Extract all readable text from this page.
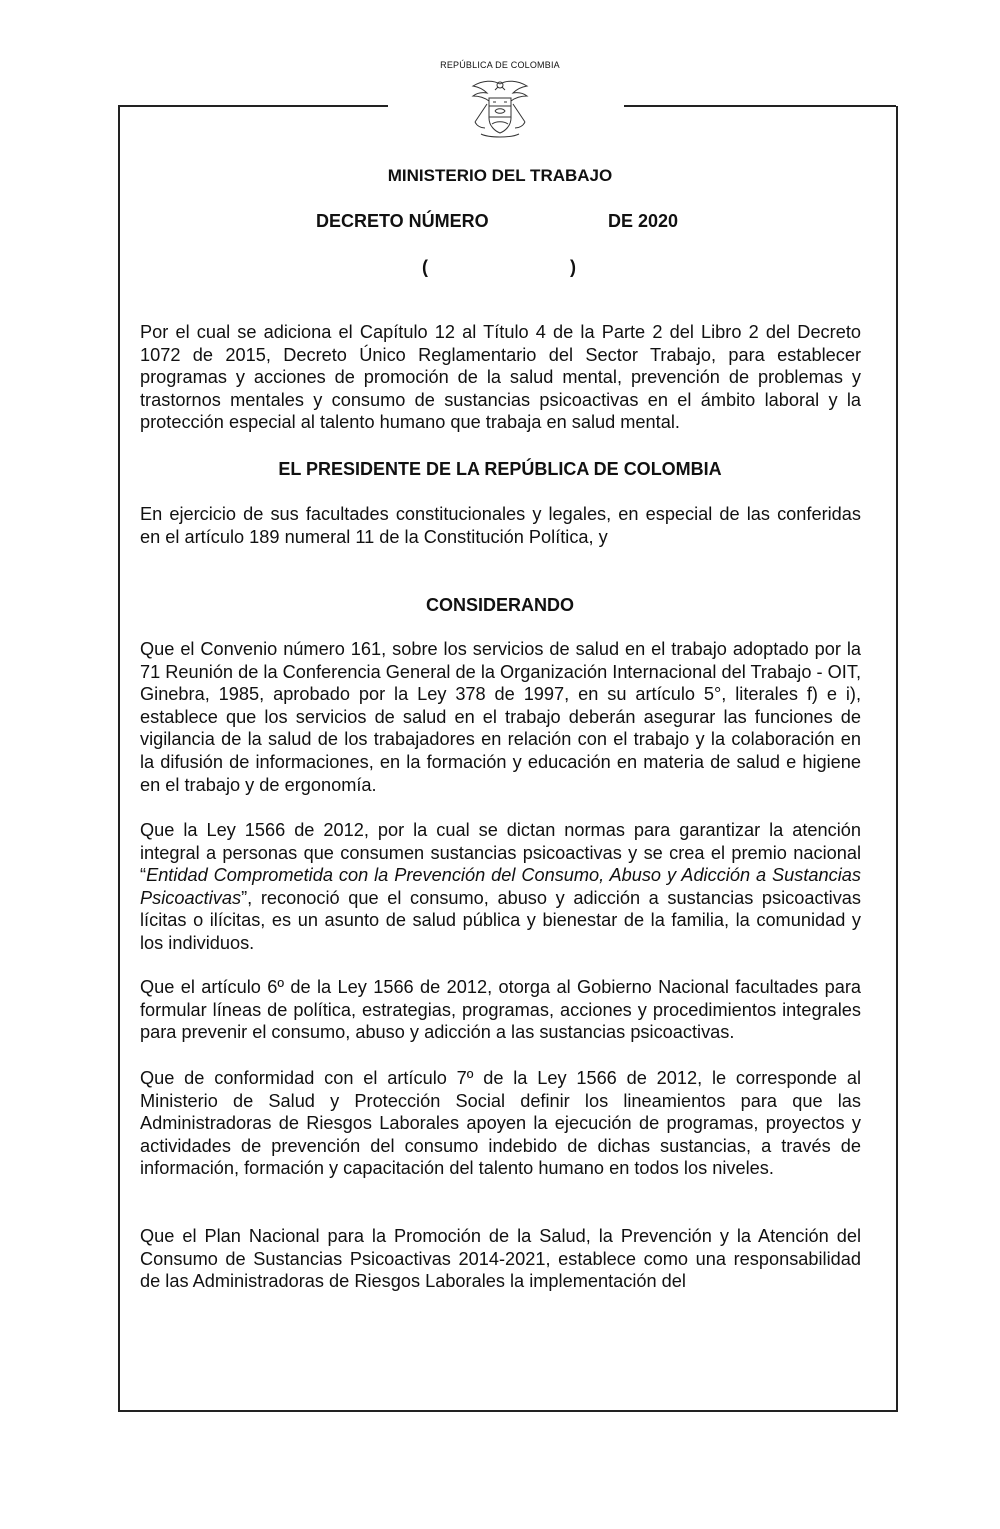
REPÚBLICA DE COLOMBIA
MINISTERIO DEL TRABAJO
DECRETO NÚMERO	DE 2020
(	)
Por el cual se adiciona el Capítulo 12 al Título 4 de la Parte 2 del Libro 2 del Decreto 1072 de 2015, Decreto Único Reglamentario del Sector Trabajo, para establecer programas y acciones de promoción de la salud mental, prevención de problemas y trastornos mentales y consumo de sustancias psicoactivas en el ámbito laboral y la protección especial al talento humano que trabaja en salud mental.
EL PRESIDENTE DE LA REPÚBLICA DE COLOMBIA
En ejercicio de sus facultades constitucionales y legales, en especial de las conferidas en el artículo 189 numeral 11 de la Constitución Política, y
CONSIDERANDO
Que el Convenio número 161, sobre los servicios de salud en el trabajo adoptado por la 71 Reunión de la Conferencia General de la Organización Internacional del Trabajo - OIT, Ginebra, 1985, aprobado por la Ley 378 de 1997, en su artículo 5°, literales f) e i), establece que los servicios de salud en el trabajo deberán asegurar las funciones de vigilancia de la salud de los trabajadores en relación con el trabajo y la colaboración en la difusión de informaciones, en la formación y educación en materia de salud e higiene en el trabajo y de ergonomía.
Que la Ley 1566 de 2012, por la cual se dictan normas para garantizar la atención integral a personas que consumen sustancias psicoactivas y se crea el premio nacional “Entidad Comprometida con la Prevención del Consumo, Abuso y Adicción a Sustancias Psicoactivas”, reconoció que el consumo, abuso y adicción a sustancias psicoactivas lícitas o ilícitas, es un asunto de salud pública y bienestar de la familia, la comunidad y los individuos.
Que el artículo 6º de la Ley 1566 de 2012, otorga al Gobierno Nacional facultades para formular líneas de política, estrategias, programas, acciones y procedimientos integrales para prevenir el consumo, abuso y adicción a las sustancias psicoactivas.
Que de conformidad con el artículo 7º de la Ley 1566 de 2012, le corresponde al Ministerio de Salud y Protección Social definir los lineamientos para que las Administradoras de Riesgos Laborales apoyen la ejecución de programas, proyectos y actividades de prevención del consumo indebido de dichas sustancias, a través de información, formación y capacitación del talento humano en todos los niveles.
Que el Plan Nacional para la Promoción de la Salud, la Prevención y la Atención del Consumo de Sustancias Psicoactivas 2014-2021, establece como una responsabilidad de las Administradoras de Riesgos Laborales la implementación del
